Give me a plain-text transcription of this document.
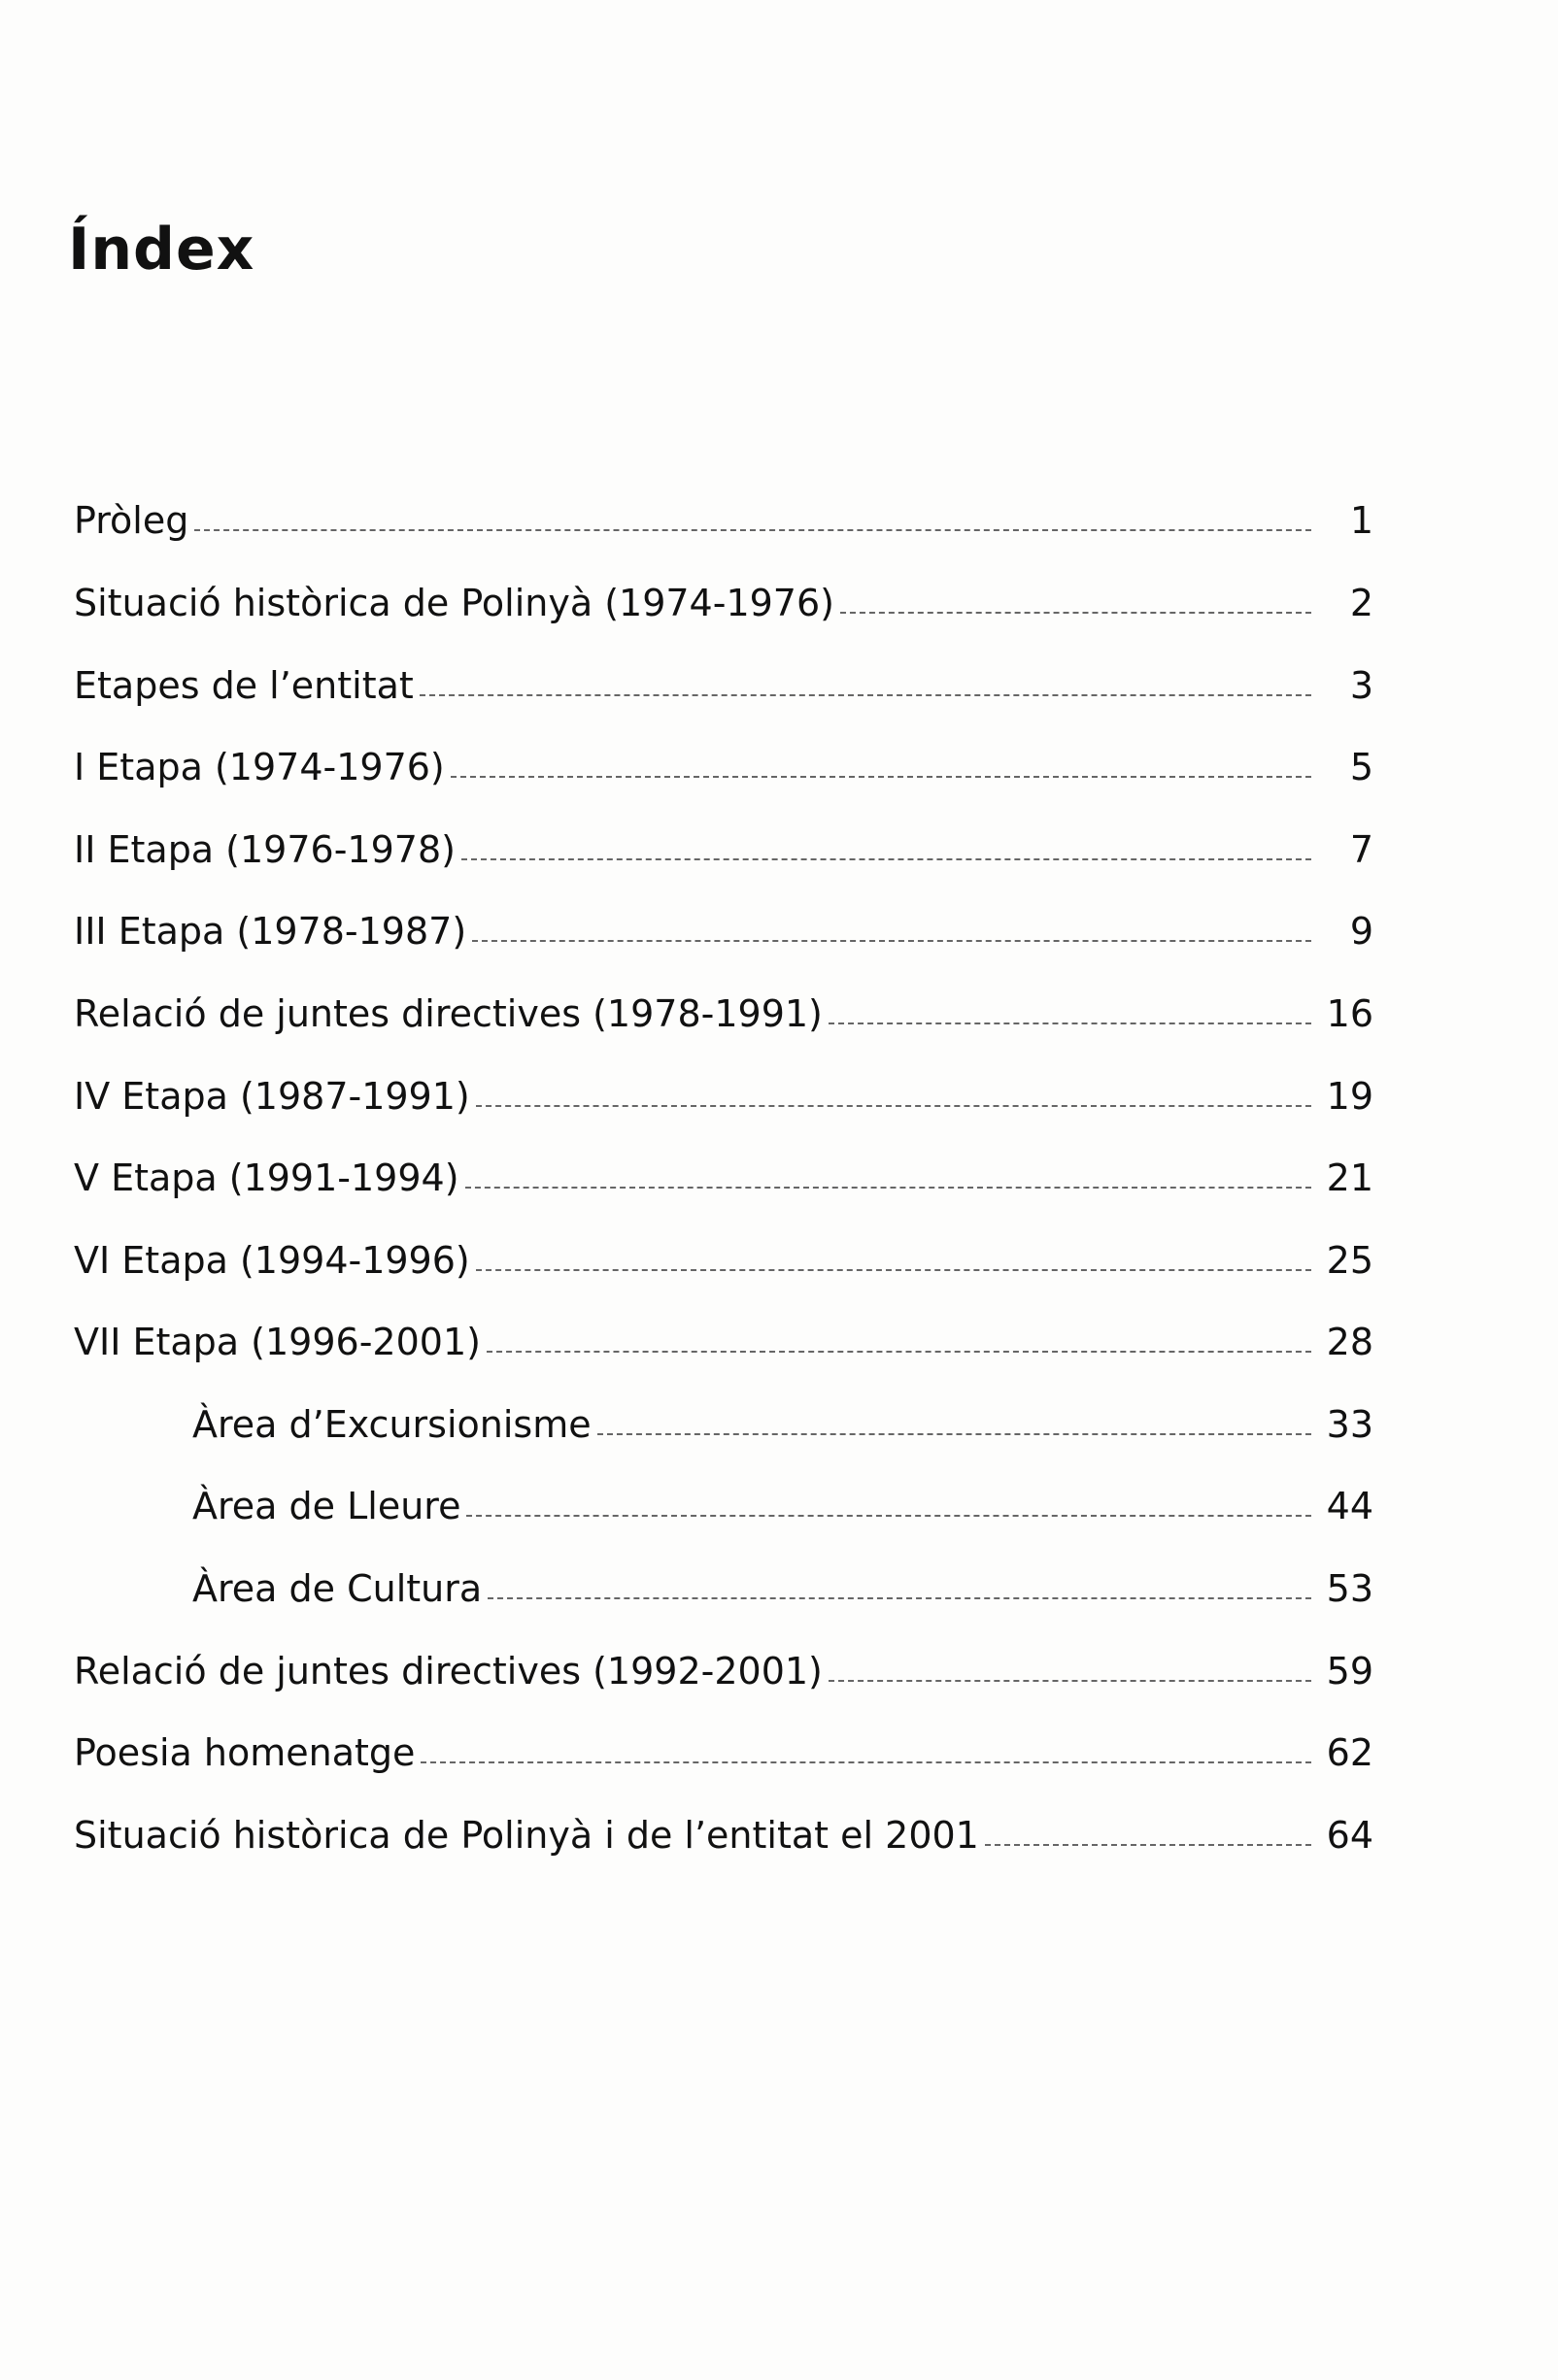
Índex
Pròleg	1
Situació històrica de Polinyà (1974-1976)	2
Etapes de l’entitat	3
I Etapa (1974-1976)	5
II Etapa (1976-1978)	7
III Etapa (1978-1987)	9
Relació de juntes directives (1978-1991)	16
IV Etapa (1987-1991)	19
V Etapa (1991-1994)	21
VI Etapa (1994-1996)	25
VII Etapa (1996-2001)	28
Àrea d’Excursionisme	33
Àrea de Lleure	44
Àrea de Cultura	53
Relació de juntes directives (1992-2001)	59
Poesia homenatge	62
Situació històrica de Polinyà i de l’entitat el 2001	64
